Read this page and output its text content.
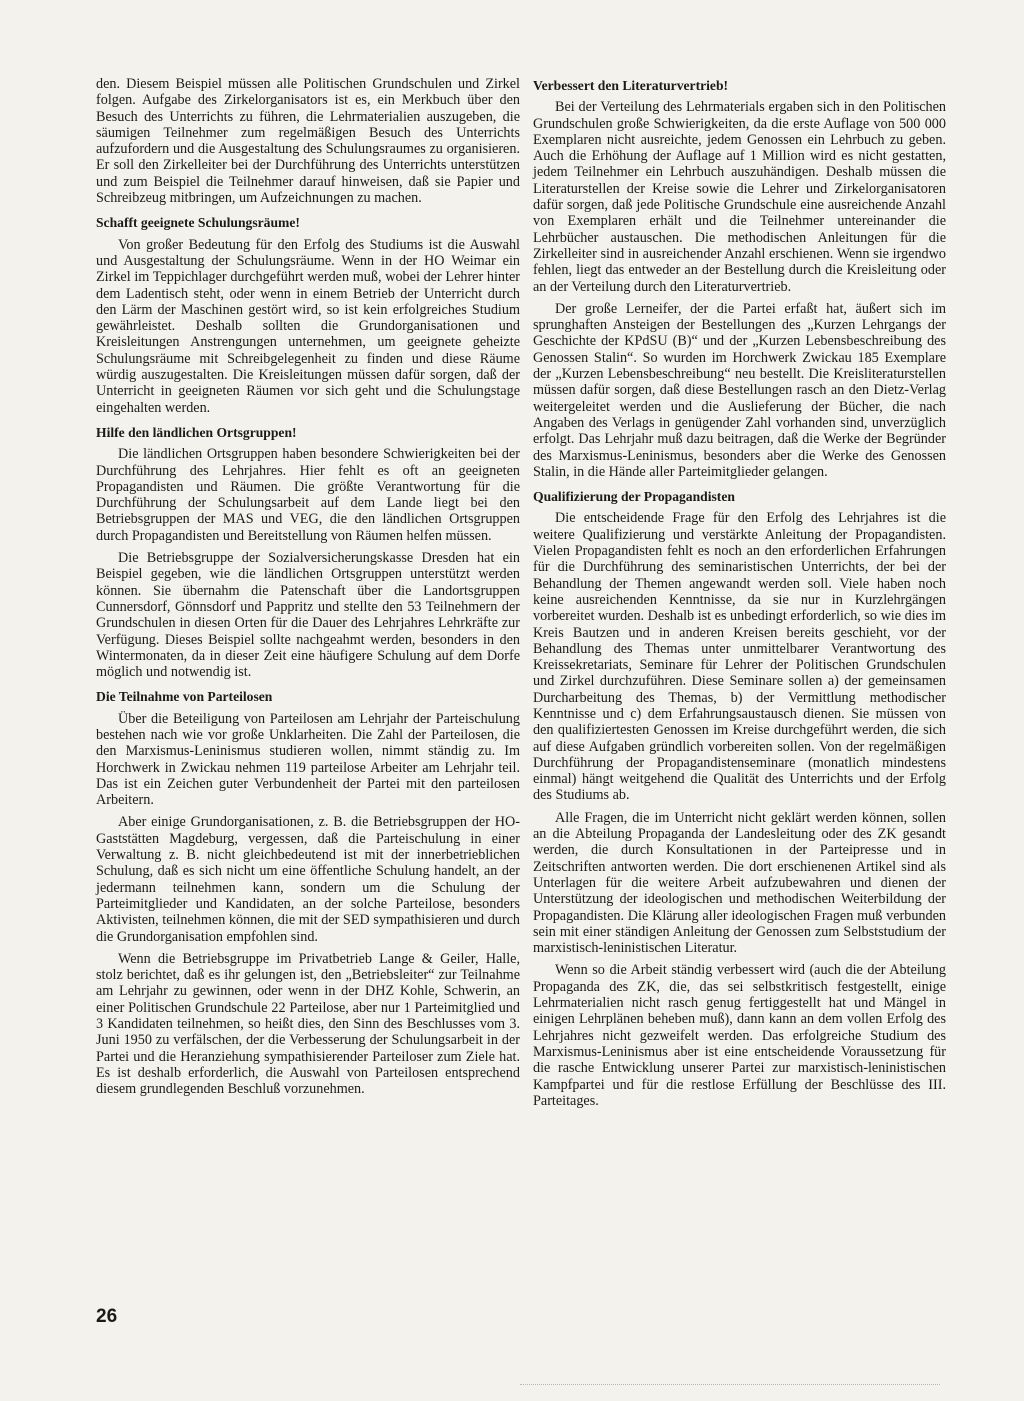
den. Diesem Beispiel müssen alle Politischen Grundschulen und Zirkel folgen. Aufgabe des Zirkelorganisators ist es, ein Merkbuch über den Besuch des Unterrichts zu führen, die Lehrmaterialien auszugeben, die säumigen Teilnehmer zum regelmäßigen Besuch des Unterrichts aufzufordern und die Ausgestaltung des Schulungsraumes zu organisieren. Er soll den Zirkelleiter bei der Durchführung des Unterrichts unterstützen und zum Beispiel die Teilnehmer darauf hinweisen, daß sie Papier und Schreibzeug mitbringen, um Aufzeichnungen zu machen.

Schafft geeignete Schulungsräume!

Von großer Bedeutung für den Erfolg des Studiums ist die Auswahl und Ausgestaltung der Schulungsräume. Wenn in der HO Weimar ein Zirkel im Teppichlager durchgeführt werden muß, wobei der Lehrer hinter dem Ladentisch steht, oder wenn in einem Betrieb der Unterricht durch den Lärm der Maschinen gestört wird, so ist kein erfolgreiches Studium gewährleistet. Deshalb sollten die Grundorganisationen und Kreisleitungen Anstrengungen unternehmen, um geeignete geheizte Schulungsräume mit Schreibgelegenheit zu finden und diese Räume würdig auszugestalten. Die Kreisleitungen müssen dafür sorgen, daß der Unterricht in geeigneten Räumen vor sich geht und die Schulungstage eingehalten werden.

Hilfe den ländlichen Ortsgruppen!

Die ländlichen Ortsgruppen haben besondere Schwierigkeiten bei der Durchführung des Lehrjahres. Hier fehlt es oft an geeigneten Propagandisten und Räumen. Die größte Verantwortung für die Durchführung der Schulungsarbeit auf dem Lande liegt bei den Betriebsgruppen der MAS und VEG, die den ländlichen Ortsgruppen durch Propagandisten und Bereitstellung von Räumen helfen müssen.

Die Betriebsgruppe der Sozialversicherungskasse Dresden hat ein Beispiel gegeben, wie die ländlichen Ortsgruppen unterstützt werden können. Sie übernahm die Patenschaft über die Landortsgruppen Cunnersdorf, Gönnsdorf und Pappritz und stellte den 53 Teilnehmern der Grundschulen in diesen Orten für die Dauer des Lehrjahres Lehrkräfte zur Verfügung. Dieses Beispiel sollte nachgeahmt werden, besonders in den Wintermonaten, da in dieser Zeit eine häufigere Schulung auf dem Dorfe möglich und notwendig ist.

Die Teilnahme von Parteilosen

Über die Beteiligung von Parteilosen am Lehrjahr der Parteischulung bestehen nach wie vor große Unklarheiten. Die Zahl der Parteilosen, die den Marxismus-Leninismus studieren wollen, nimmt ständig zu. Im Horchwerk in Zwickau nehmen 119 parteilose Arbeiter am Lehrjahr teil. Das ist ein Zeichen guter Verbundenheit der Partei mit den parteilosen Arbeitern.

Aber einige Grundorganisationen, z. B. die Betriebsgruppen der HO-Gaststätten Magdeburg, vergessen, daß die Parteischulung in einer Verwaltung z. B. nicht gleichbedeutend ist mit der innerbetrieblichen Schulung, daß es sich nicht um eine öffentliche Schulung handelt, an der jedermann teilnehmen kann, sondern um die Schulung der Parteimitglieder und Kandidaten, an der solche Parteilose, besonders Aktivisten, teilnehmen können, die mit der SED sympathisieren und durch die Grundorganisation empfohlen sind.

Wenn die Betriebsgruppe im Privatbetrieb Lange & Geiler, Halle, stolz berichtet, daß es ihr gelungen ist, den „Betriebsleiter“ zur Teilnahme am Lehrjahr zu gewinnen, oder wenn in der DHZ Kohle, Schwerin, an einer Politischen Grundschule 22 Parteilose, aber nur 1 Parteimitglied und 3 Kandidaten teilnehmen, so heißt dies, den Sinn des Beschlusses vom 3. Juni 1950 zu verfälschen, der die Verbesserung der Schulungsarbeit in der Partei und die Heranziehung sympathisierender Parteiloser zum Ziele hat. Es ist deshalb erforderlich, die Auswahl von Parteilosen entsprechend diesem grundlegenden Beschluß vorzunehmen.

Verbessert den Literaturvertrieb!

Bei der Verteilung des Lehrmaterials ergaben sich in den Politischen Grundschulen große Schwierigkeiten, da die erste Auflage von 500 000 Exemplaren nicht ausreichte, jedem Genossen ein Lehrbuch zu geben. Auch die Erhöhung der Auflage auf 1 Million wird es nicht gestatten, jedem Teilnehmer ein Lehrbuch auszuhändigen. Deshalb müssen die Literaturstellen der Kreise sowie die Lehrer und Zirkelorganisatoren dafür sorgen, daß jede Politische Grundschule eine ausreichende Anzahl von Exemplaren erhält und die Teilnehmer untereinander die Lehrbücher austauschen. Die methodischen Anleitungen für die Zirkelleiter sind in ausreichender Anzahl erschienen. Wenn sie irgendwo fehlen, liegt das entweder an der Bestellung durch die Kreisleitung oder an der Verteilung durch den Literaturvertrieb.

Der große Lerneifer, der die Partei erfaßt hat, äußert sich im sprunghaften Ansteigen der Bestellungen des „Kurzen Lehrgangs der Geschichte der KPdSU (B)“ und der „Kurzen Lebensbeschreibung des Genossen Stalin“. So wurden im Horchwerk Zwickau 185 Exemplare der „Kurzen Lebensbeschreibung“ neu bestellt. Die Kreisliteraturstellen müssen dafür sorgen, daß diese Bestellungen rasch an den Dietz-Verlag weitergeleitet werden und die Auslieferung der Bücher, die nach Angaben des Verlags in genügender Zahl vorhanden sind, unverzüglich erfolgt. Das Lehrjahr muß dazu beitragen, daß die Werke der Begründer des Marxismus-Leninismus, besonders aber die Werke des Genossen Stalin, in die Hände aller Parteimitglieder gelangen.

Qualifizierung der Propagandisten

Die entscheidende Frage für den Erfolg des Lehrjahres ist die weitere Qualifizierung und verstärkte Anleitung der Propagandisten. Vielen Propagandisten fehlt es noch an den erforderlichen Erfahrungen für die Durchführung des seminaristischen Unterrichts, der bei der Behandlung der Themen angewandt werden soll. Viele haben noch keine ausreichenden Kenntnisse, da sie nur in Kurzlehrgängen vorbereitet wurden. Deshalb ist es unbedingt erforderlich, so wie dies im Kreis Bautzen und in anderen Kreisen bereits geschieht, vor der Behandlung des Themas unter unmittelbarer Verantwortung des Kreissekretariats, Seminare für Lehrer der Politischen Grundschulen und Zirkel durchzuführen. Diese Seminare sollen a) der gemeinsamen Durcharbeitung des Themas, b) der Vermittlung methodischer Kenntnisse und c) dem Erfahrungsaustausch dienen. Sie müssen von den qualifiziertesten Genossen im Kreise durchgeführt werden, die sich auf diese Aufgaben gründlich vorbereiten sollen. Von der regelmäßigen Durchführung der Propagandistenseminare (monatlich mindestens einmal) hängt weitgehend die Qualität des Unterrichts und der Erfolg des Studiums ab.

Alle Fragen, die im Unterricht nicht geklärt werden können, sollen an die Abteilung Propaganda der Landesleitung oder des ZK gesandt werden, die durch Konsultationen in der Parteipresse und in Zeitschriften antworten werden. Die dort erschienenen Artikel sind als Unterlagen für die weitere Arbeit aufzubewahren und dienen der Unterstützung der ideologischen und methodischen Weiterbildung der Propagandisten. Die Klärung aller ideologischen Fragen muß verbunden sein mit einer ständigen Anleitung der Genossen zum Selbststudium der marxistisch-leninistischen Literatur.

Wenn so die Arbeit ständig verbessert wird (auch die der Abteilung Propaganda des ZK, die, das sei selbstkritisch festgestellt, einige Lehrmaterialien nicht rasch genug fertiggestellt hat und Mängel in einigen Lehrplänen beheben muß), dann kann an dem vollen Erfolg des Lehrjahres nicht gezweifelt werden. Das erfolgreiche Studium des Marxismus-Leninismus aber ist eine entscheidende Voraussetzung für die rasche Entwicklung unserer Partei zur marxistisch-leninistischen Kampfpartei und für die restlose Erfüllung der Beschlüsse des III. Parteitages.

26
